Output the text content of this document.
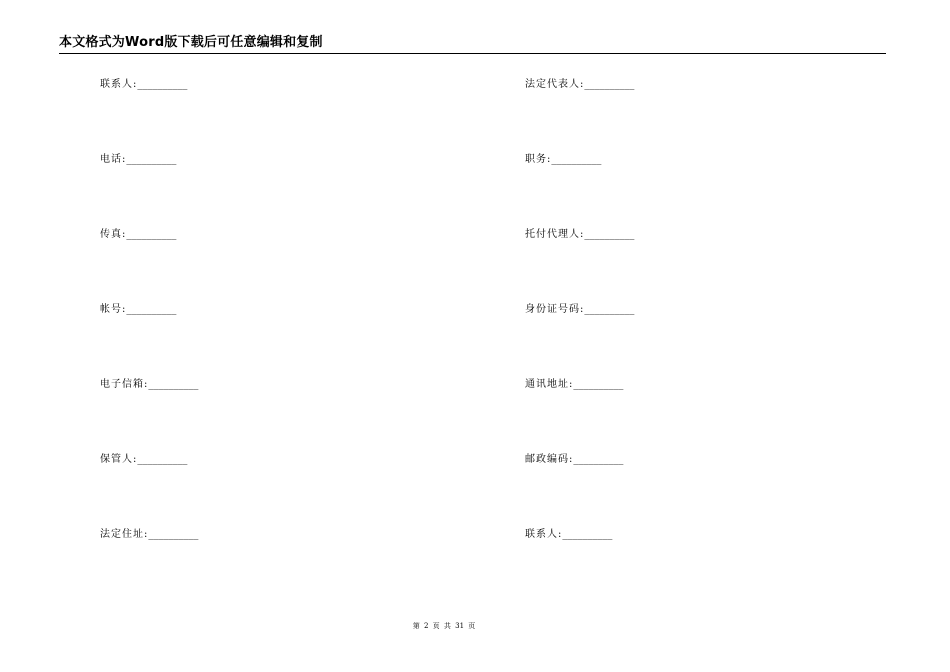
本文格式为Word版下载后可任意编辑和复制
联系人:__________
电话:__________
传真:__________
帐号:__________
电子信箱:__________
保管人:__________
法定住址:__________
法定代表人:__________
职务:__________
托付代理人:__________
身份证号码:__________
通讯地址:__________
邮政编码:__________
联系人:__________
第 2 页 共 31 页
